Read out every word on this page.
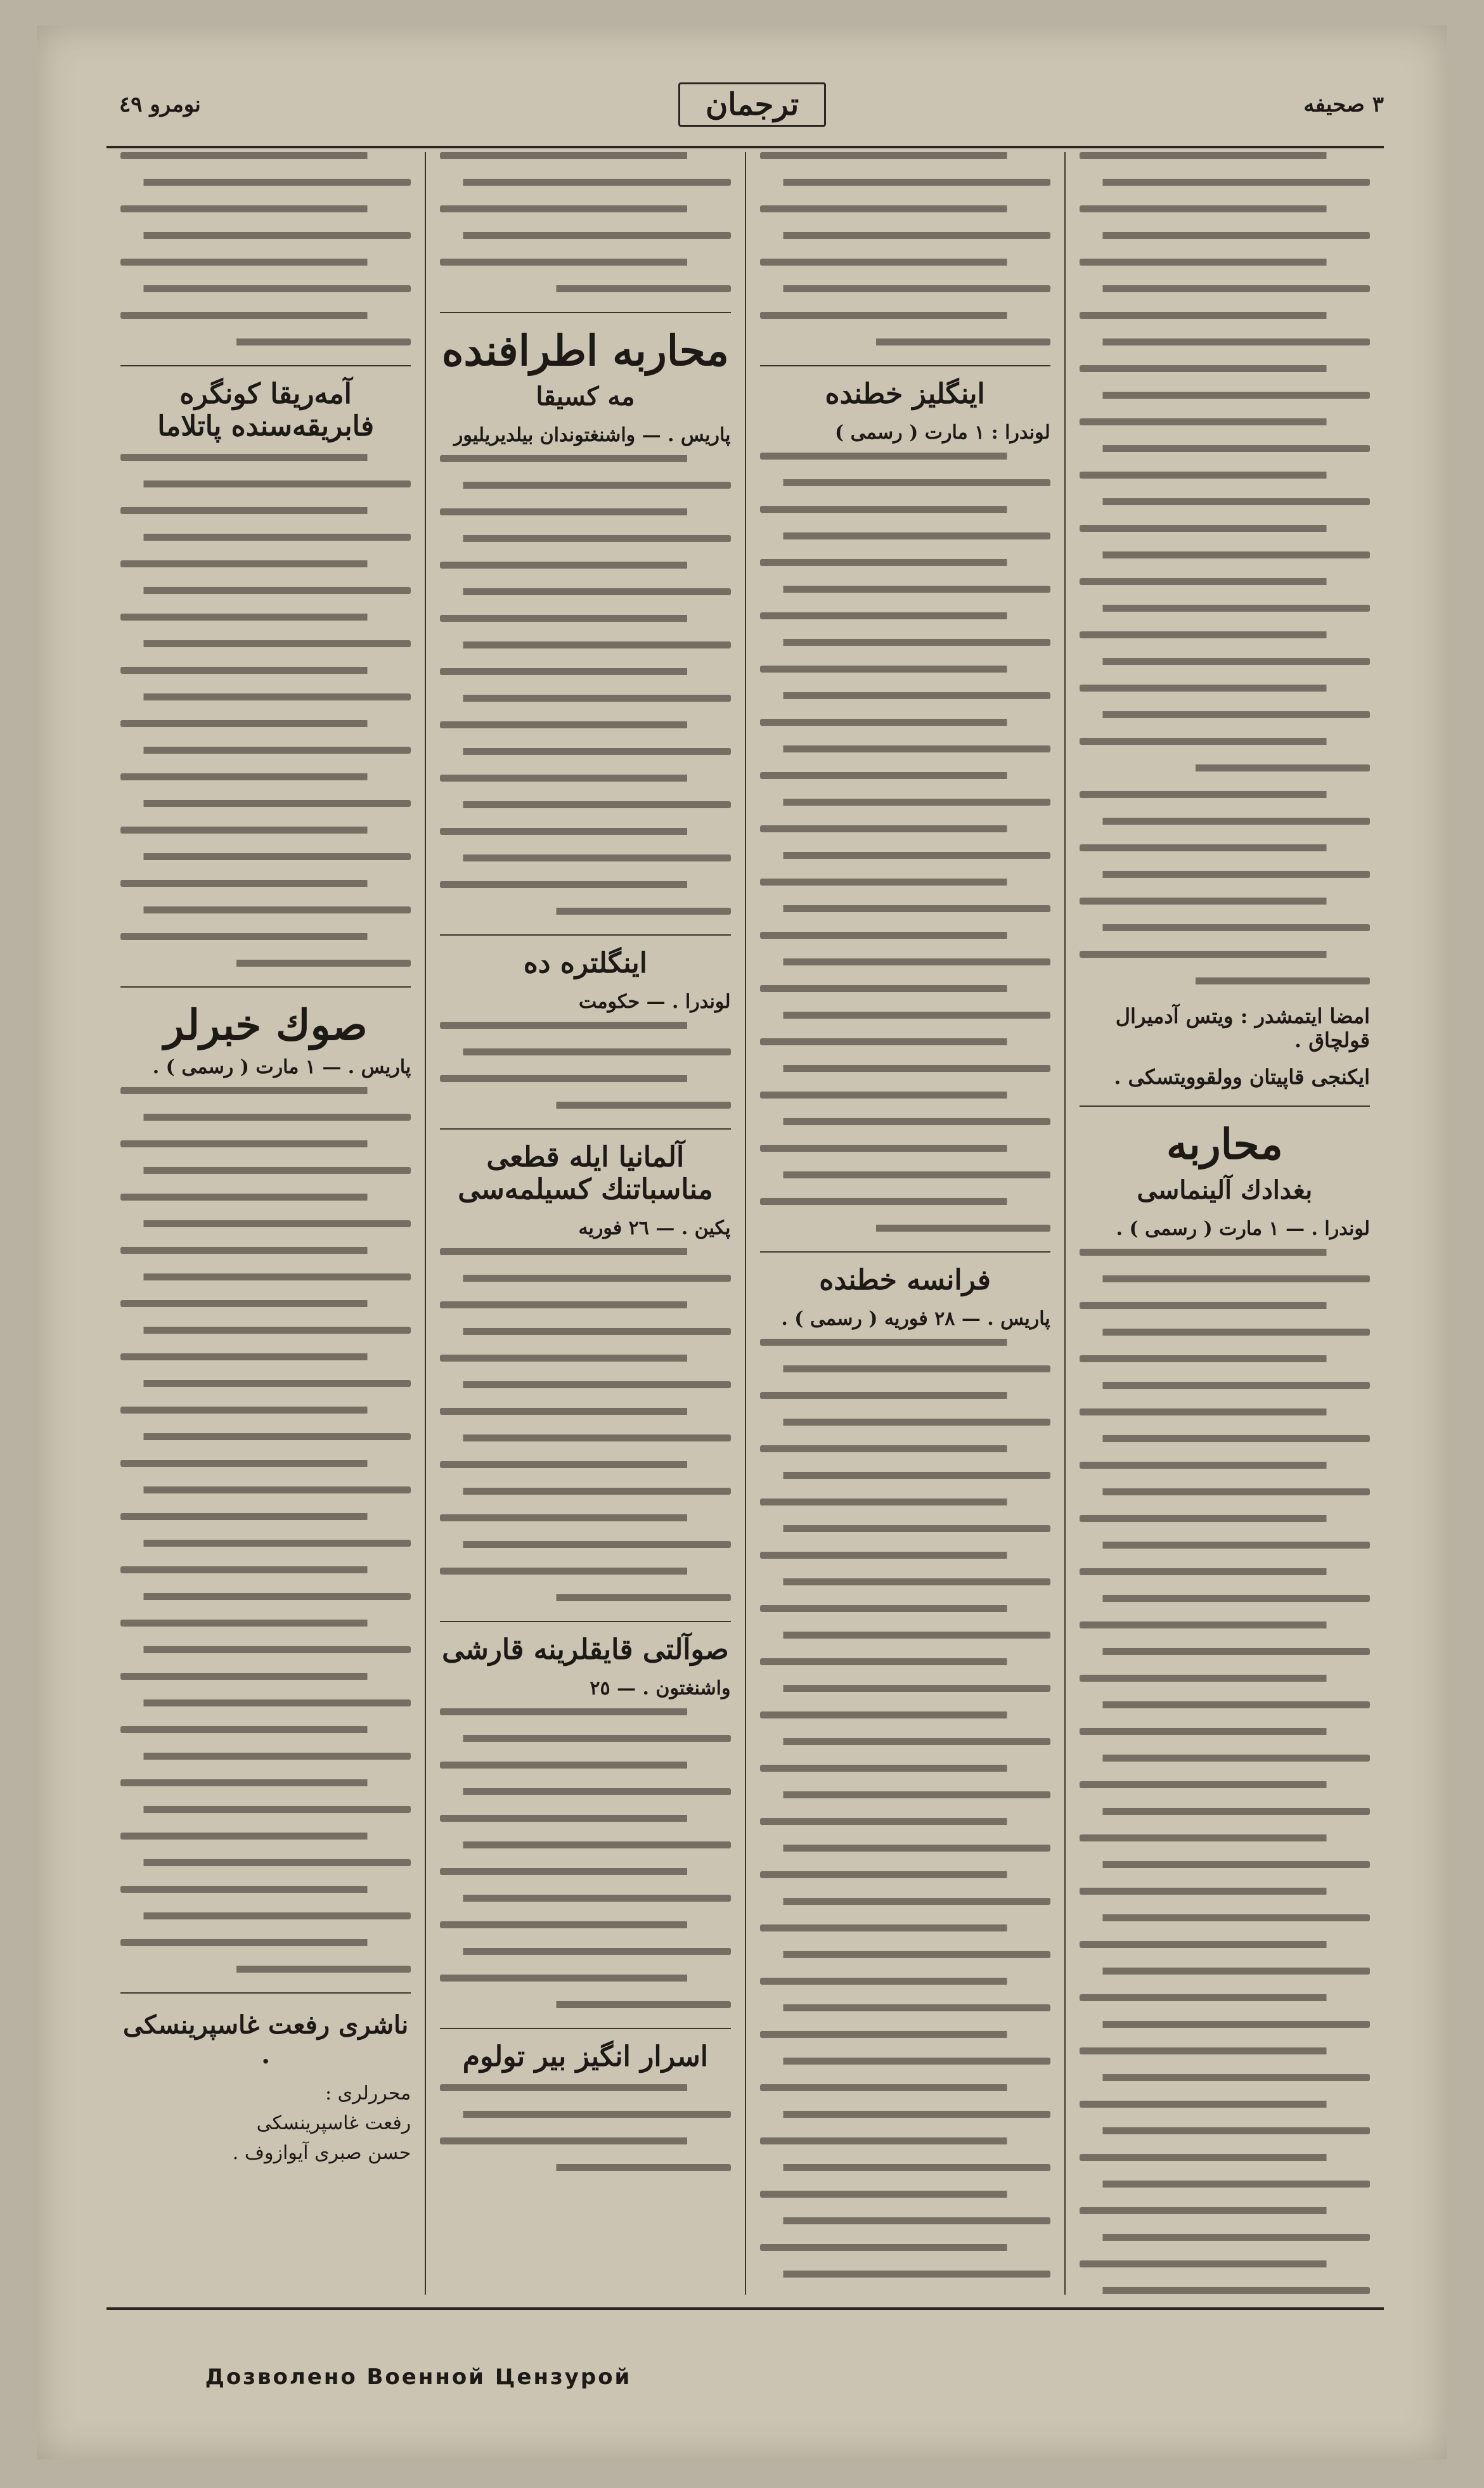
۳ صحیفه
ترجمان
نومرو ٤٩
امضا ایتمشدر : ویتس آدمیرال قولچاق .
ایکنجی قاپیتان وولقوویتسکی .
محاربه
بغدادك آلینماسی
لوندرا . — ١ مارت ( رسمی ) .
اینگلیز خطنده
لوندرا : ١ مارت ( رسمی )
فرانسه خطنده
پاریس . — ٢٨ فوریه ( رسمی ) .
محاربه اطرافنده
مه کسیقا
پاریس . — واشنغتوندان بیلدیریلیور
اینگلتره ده
لوندرا . — حکومت
آلمانیا ایله قطعی مناسباتنك کسیلمه‌سی
پکین . — ٢٦ فوریه
صوآلتی قایقلرینه قارشی
واشنغتون . — ٢٥
اسرار انگیز بیر تولوم
آمه‌ریقا کونگره فابریقه‌سنده پاتلاما
صوك خبرلر
پاریس . — ١ مارت ( رسمی ) .
ناشری رفعت غاسپرینسکی .
محررلری :
رفعت غاسپرینسکی
حسن صبری آیوازوف .
Дозволено Военной Цензурой
